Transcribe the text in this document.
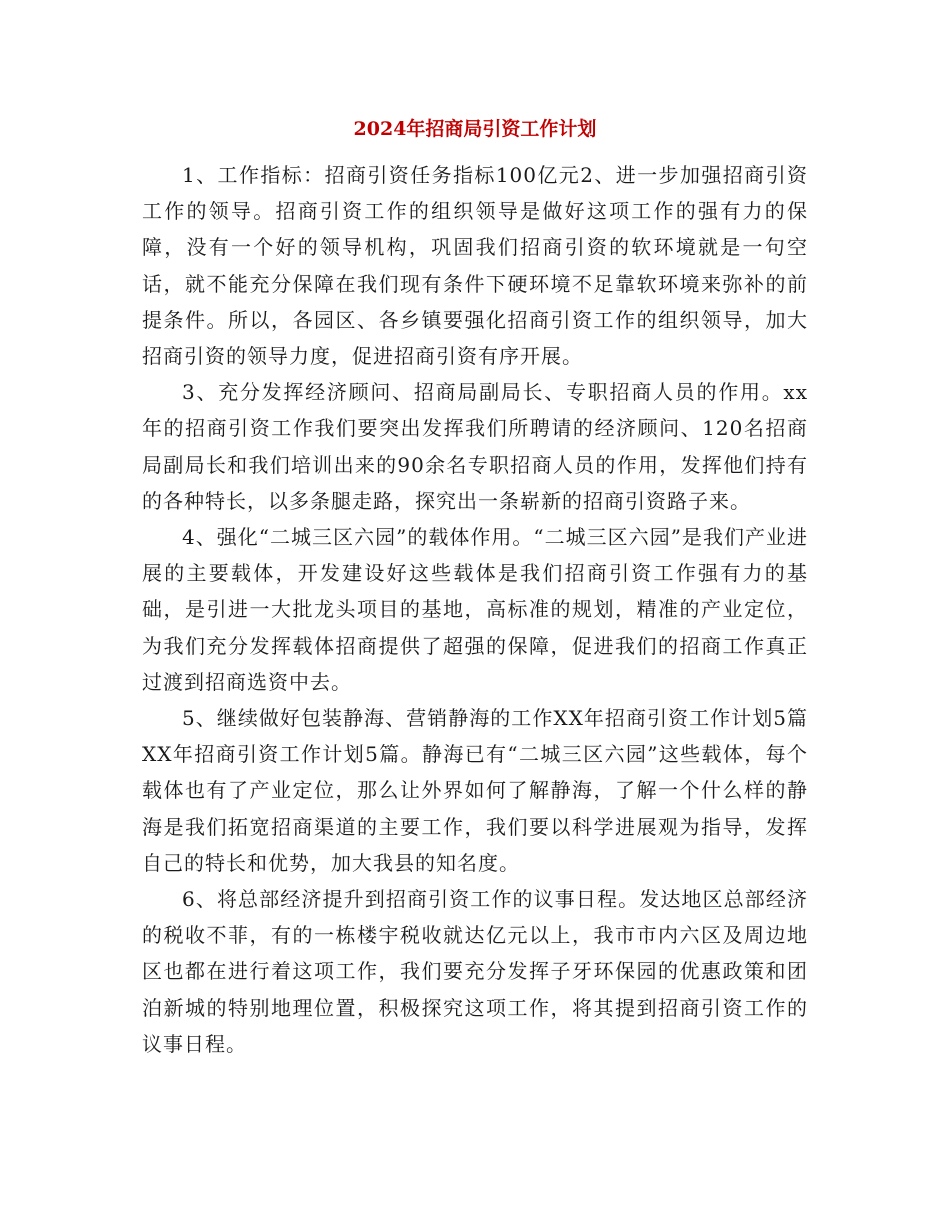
2024年招商局引资工作计划

1、工作指标：招商引资任务指标100亿元2、进一步加强招商引资工作的领导。招商引资工作的组织领导是做好这项工作的强有力的保障，没有一个好的领导机构，巩固我们招商引资的软环境就是一句空话，就不能充分保障在我们现有条件下硬环境不足靠软环境来弥补的前提条件。所以，各园区、各乡镇要强化招商引资工作的组织领导，加大招商引资的领导力度，促进招商引资有序开展。

3、充分发挥经济顾问、招商局副局长、专职招商人员的作用。xx年的招商引资工作我们要突出发挥我们所聘请的经济顾问、120名招商局副局长和我们培训出来的90余名专职招商人员的作用，发挥他们持有的各种特长，以多条腿走路，探究出一条崭新的招商引资路子来。

4、强化“二城三区六园”的载体作用。“二城三区六园”是我们产业进展的主要载体，开发建设好这些载体是我们招商引资工作强有力的基础，是引进一大批龙头项目的基地，高标准的规划，精准的产业定位，为我们充分发挥载体招商提供了超强的保障，促进我们的招商工作真正过渡到招商选资中去。

5、继续做好包装静海、营销静海的工作XX年招商引资工作计划5篇XX年招商引资工作计划5篇。静海已有“二城三区六园”这些载体，每个载体也有了产业定位，那么让外界如何了解静海，了解一个什么样的静海是我们拓宽招商渠道的主要工作，我们要以科学进展观为指导，发挥自己的特长和优势，加大我县的知名度。

6、将总部经济提升到招商引资工作的议事日程。发达地区总部经济的税收不菲，有的一栋楼宇税收就达亿元以上，我市市内六区及周边地区也都在进行着这项工作，我们要充分发挥子牙环保园的优惠政策和团泊新城的特别地理位置，积极探究这项工作，将其提到招商引资工作的议事日程。
